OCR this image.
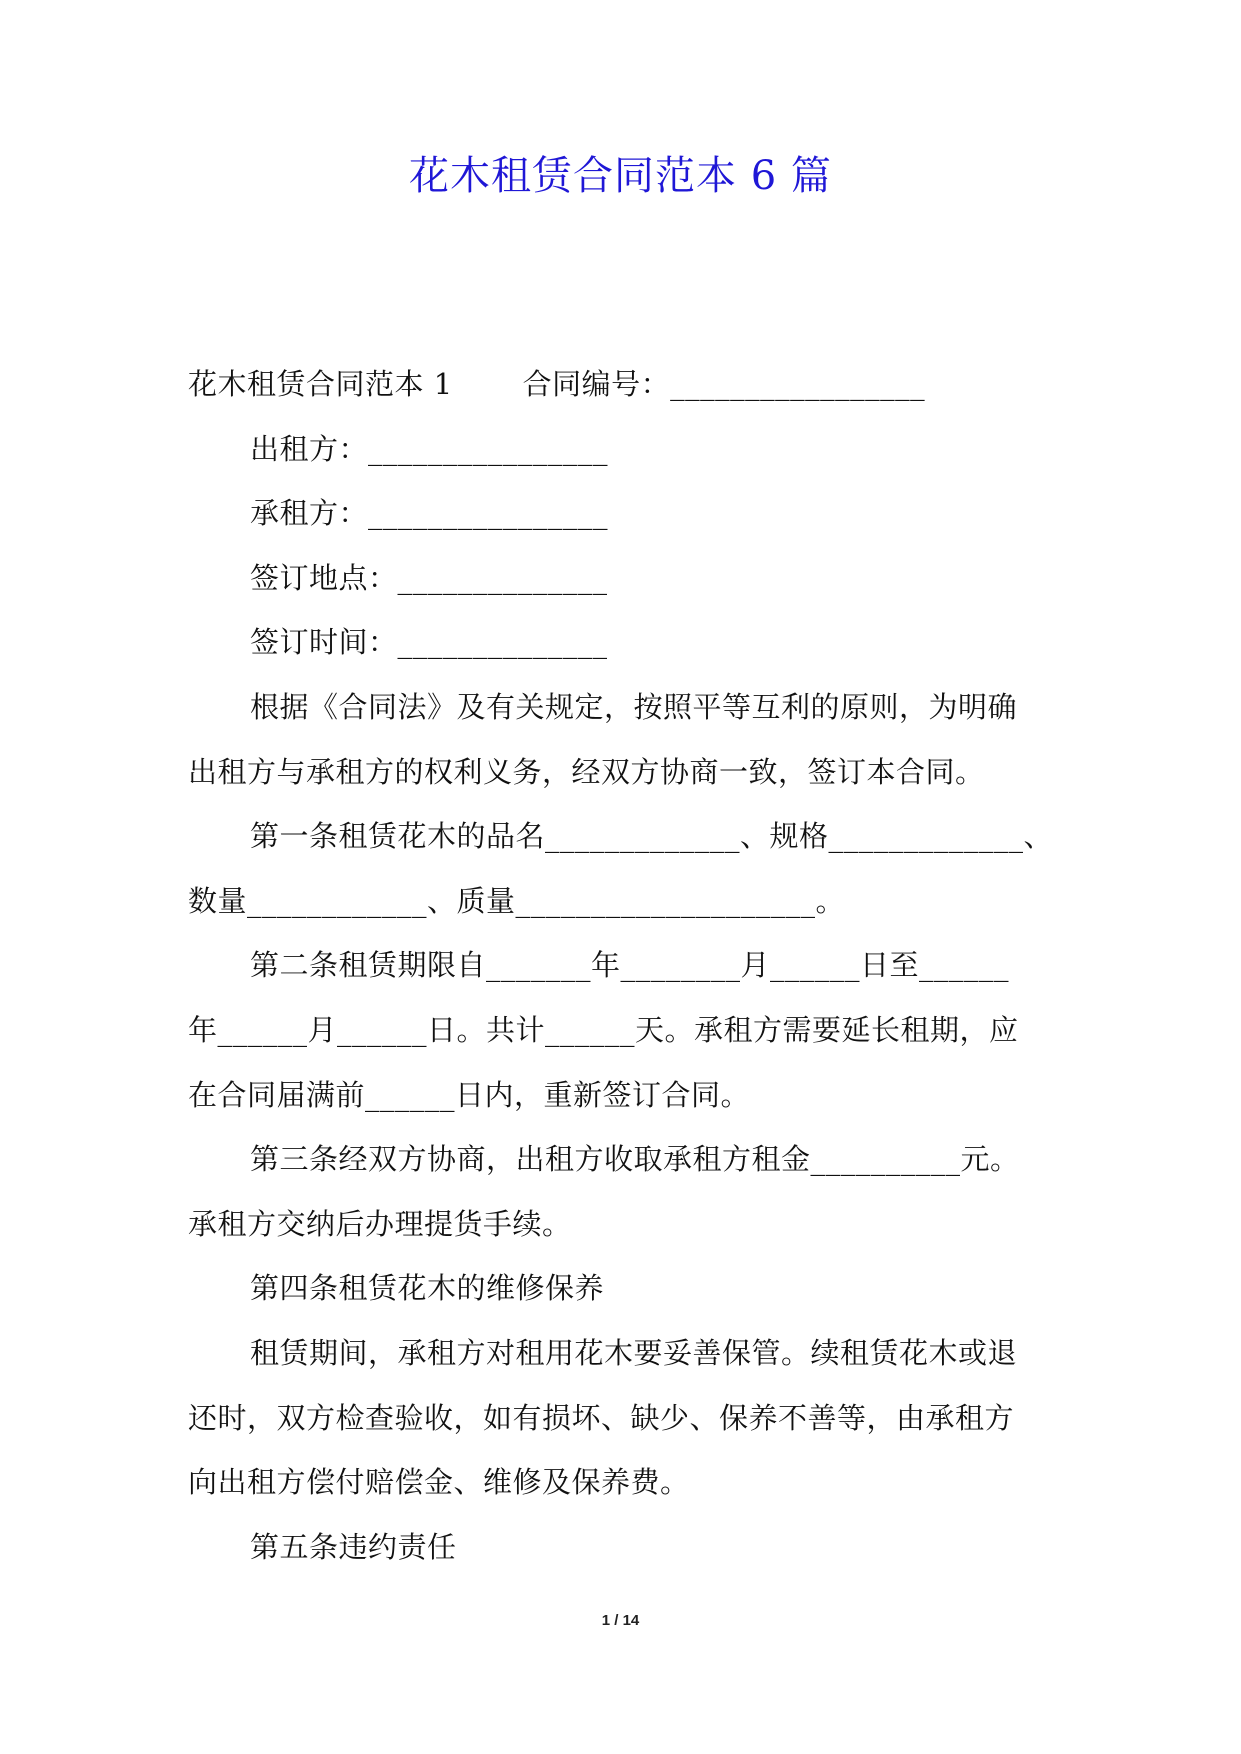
花木租赁合同范本 6 篇

花木租赁合同范本 1 合同编号：_________________

出租方：________________

承租方：________________

签订地点：______________

签订时间：______________

根据《合同法》及有关规定，按照平等互利的原则，为明确

出租方与承租方的权利义务，经双方协商一致，签订本合同。

第一条租赁花木的品名_____________、规格_____________、

数量____________、质量____________________。

第二条租赁期限自_______年________月______日至______

年______月______日。共计______天。承租方需要延长租期，应

在合同届满前______日内，重新签订合同。

第三条经双方协商，出租方收取承租方租金__________元。

承租方交纳后办理提货手续。

第四条租赁花木的维修保养

租赁期间，承租方对租用花木要妥善保管。续租赁花木或退

还时，双方检查验收，如有损坏、缺少、保养不善等，由承租方

向出租方偿付赔偿金、维修及保养费。

第五条违约责任

1 / 14
